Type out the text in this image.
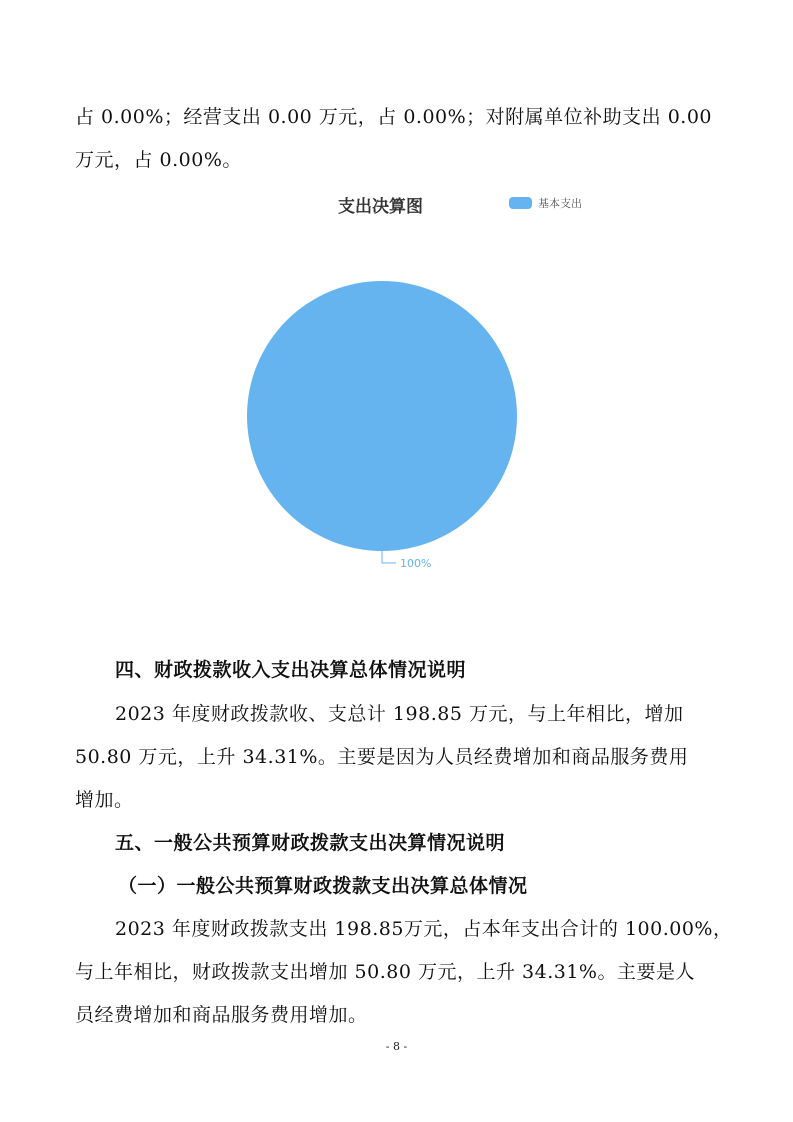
占 0.00%；经营支出 0.00 万元，占 0.00%；对附属单位补助支出 0.00

万元，占 0.00%。

100%
支出决算图	基本支出

四、财政拨款收入支出决算总体情况说明

2023 年度财政拨款收、支总计 198.85 万元，与上年相比，增加

50.80 万元，上升 34.31%。主要是因为人员经费增加和商品服务费用

增加。

五、一般公共预算财政拨款支出决算情况说明

（一）一般公共预算财政拨款支出决算总体情况

2023 年度财政拨款支出 198.85万元，占本年支出合计的 100.00%，

与上年相比，财政拨款支出增加 50.80 万元，上升 34.31%。主要是人

员经费增加和商品服务费用增加。

- 8 -
